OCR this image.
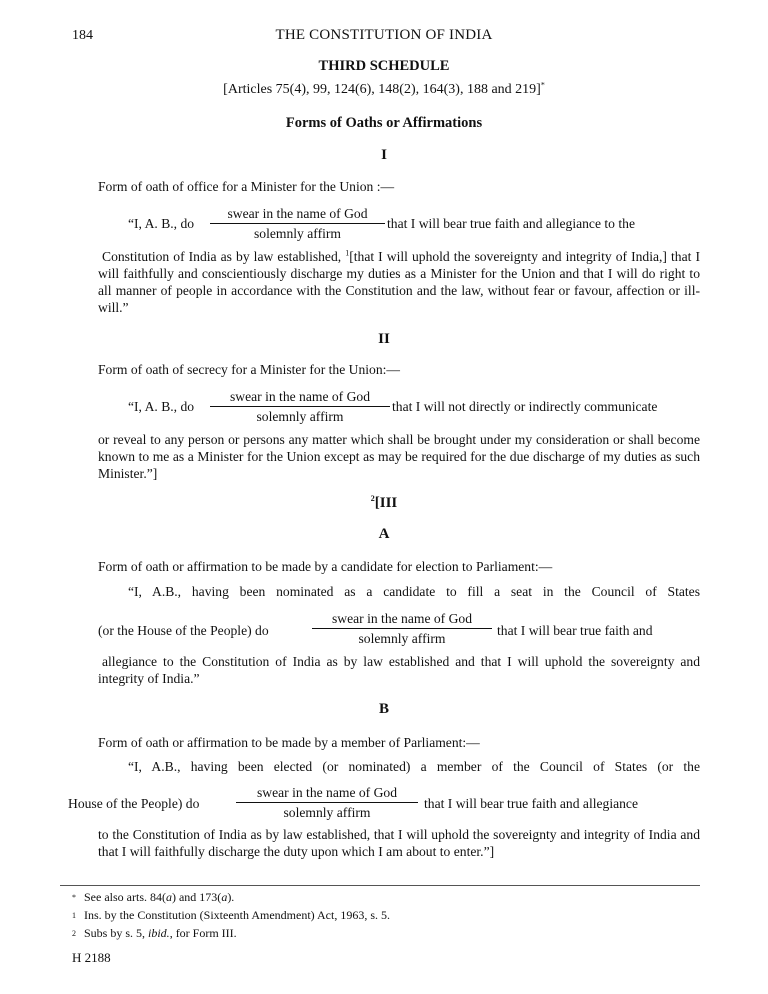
184	THE CONSTITUTION OF INDIA
THIRD SCHEDULE
[Articles 75(4), 99, 124(6), 148(2), 164(3), 188 and 219]*
Forms of Oaths or Affirmations
I
Form of oath of office for a Minister for the Union :—
“I, A. B., do
swear in the name of God
solemnly affirm
that I will bear true faith and allegiance to the
Constitution of India as by law established, $^1$[that I will uphold the sovereignty and integrity of India,] that I will faithfully and conscientiously discharge my duties as a Minister for the Union and that I will do right to all manner of people in accordance with the Constitution and the law, without fear or favour, affection or ill-will.”
II
Form of oath of secrecy for a Minister for the Union:—
“I, A. B., do
swear in the name of God
solemnly affirm
that I will not directly or indirectly communicate
or reveal to any person or persons any matter which shall be brought under my consideration or shall become known to me as a Minister for the Union except as may be required for the due discharge of my duties as such Minister.”]
$^2$[III
A
Form of oath or affirmation to be made by a candidate for election to Parliament:—
“I, A.B., having been nominated as a candidate to fill a seat in the Council of States
(or the House of the People) do
swear in the name of God
solemnly affirm
that I will bear true faith and
allegiance to the Constitution of India as by law established and that I will uphold the sovereignty and integrity of India.”
B
Form of oath or affirmation to be made by a member of Parliament:—
“I, A.B., having been elected (or nominated) a member of the Council of States (or the
House of the People) do
swear in the name of God
solemnly affirm
that I will bear true faith and allegiance
to the Constitution of India as by law established, that I will uphold the sovereignty and integrity of India and that I will faithfully discharge the duty upon which I am about to enter.”]
* See also arts. 84(a) and 173(a).
1 Ins. by the Constitution (Sixteenth Amendment) Act, 1963, s. 5.
2 Subs by s. 5, ibid., for Form III.
H 2188
